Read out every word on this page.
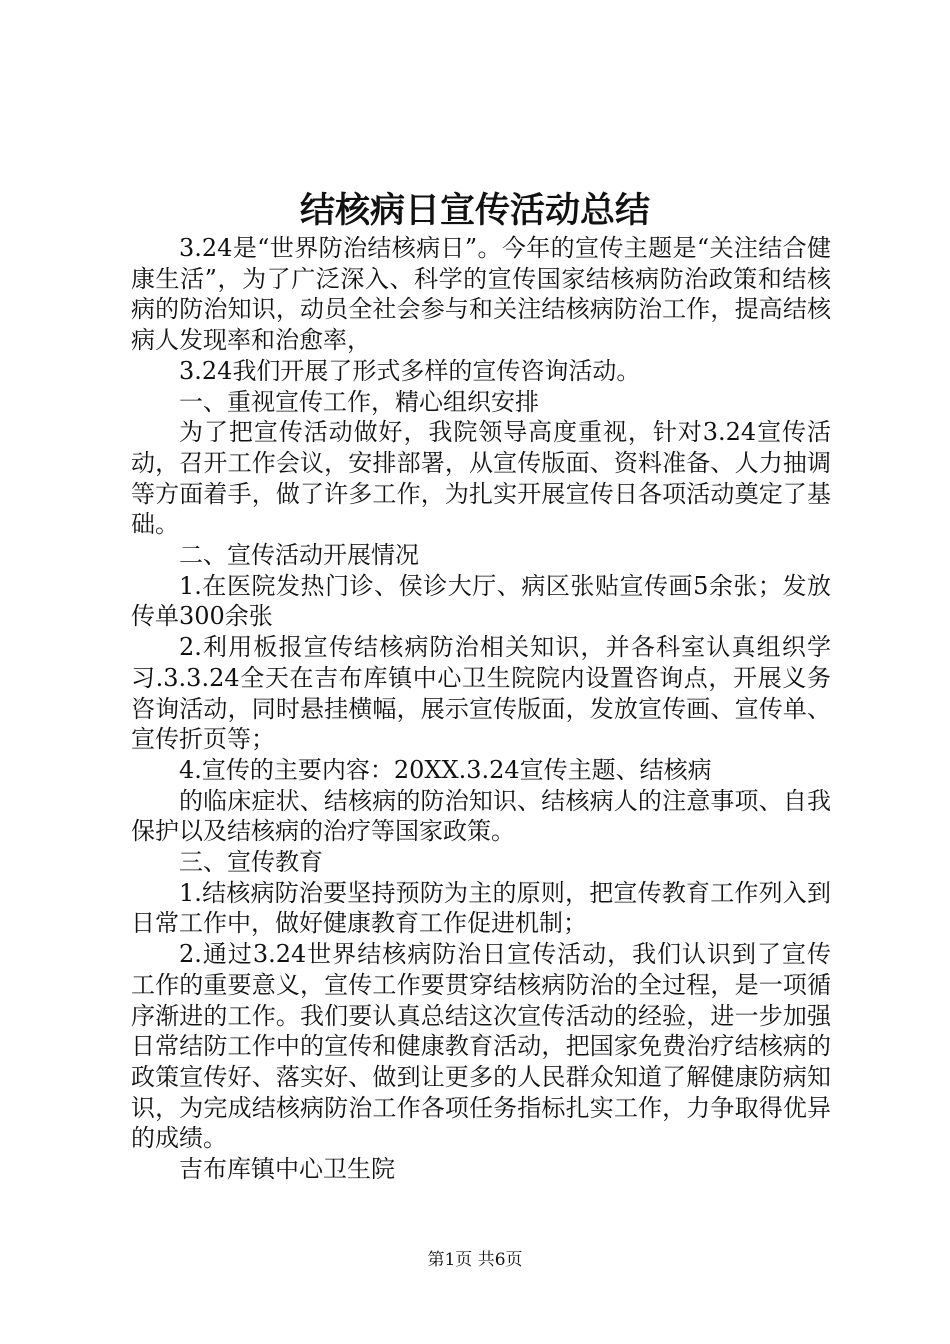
结核病日宣传活动总结

3.24是“世界防治结核病日”。今年的宣传主题是“关注结合健康生活”，为了广泛深入、科学的宣传国家结核病防治政策和结核病的防治知识，动员全社会参与和关注结核病防治工作，提高结核病人发现率和治愈率，

3.24我们开展了形式多样的宣传咨询活动。

一、重视宣传工作，精心组织安排

为了把宣传活动做好，我院领导高度重视，针对3.24宣传活动，召开工作会议，安排部署，从宣传版面、资料准备、人力抽调等方面着手，做了许多工作，为扎实开展宣传日各项活动奠定了基础。

二、宣传活动开展情况

1.在医院发热门诊、侯诊大厅、病区张贴宣传画5余张；发放传单300余张

2.利用板报宣传结核病防治相关知识，并各科室认真组织学习.3.3.24全天在吉布库镇中心卫生院院内设置咨询点，开展义务咨询活动，同时悬挂横幅，展示宣传版面，发放宣传画、宣传单、宣传折页等；

4.宣传的主要内容：20XX.3.24宣传主题、结核病

的临床症状、结核病的防治知识、结核病人的注意事项、自我保护以及结核病的治疗等国家政策。

三、宣传教育

1.结核病防治要坚持预防为主的原则，把宣传教育工作列入到日常工作中，做好健康教育工作促进机制；

2.通过3.24世界结核病防治日宣传活动，我们认识到了宣传工作的重要意义，宣传工作要贯穿结核病防治的全过程，是一项循序渐进的工作。我们要认真总结这次宣传活动的经验，进一步加强日常结防工作中的宣传和健康教育活动，把国家免费治疗结核病的政策宣传好、落实好、做到让更多的人民群众知道了解健康防病知识，为完成结核病防治工作各项任务指标扎实工作，力争取得优异的成绩。

吉布库镇中心卫生院

第1页 共6页
